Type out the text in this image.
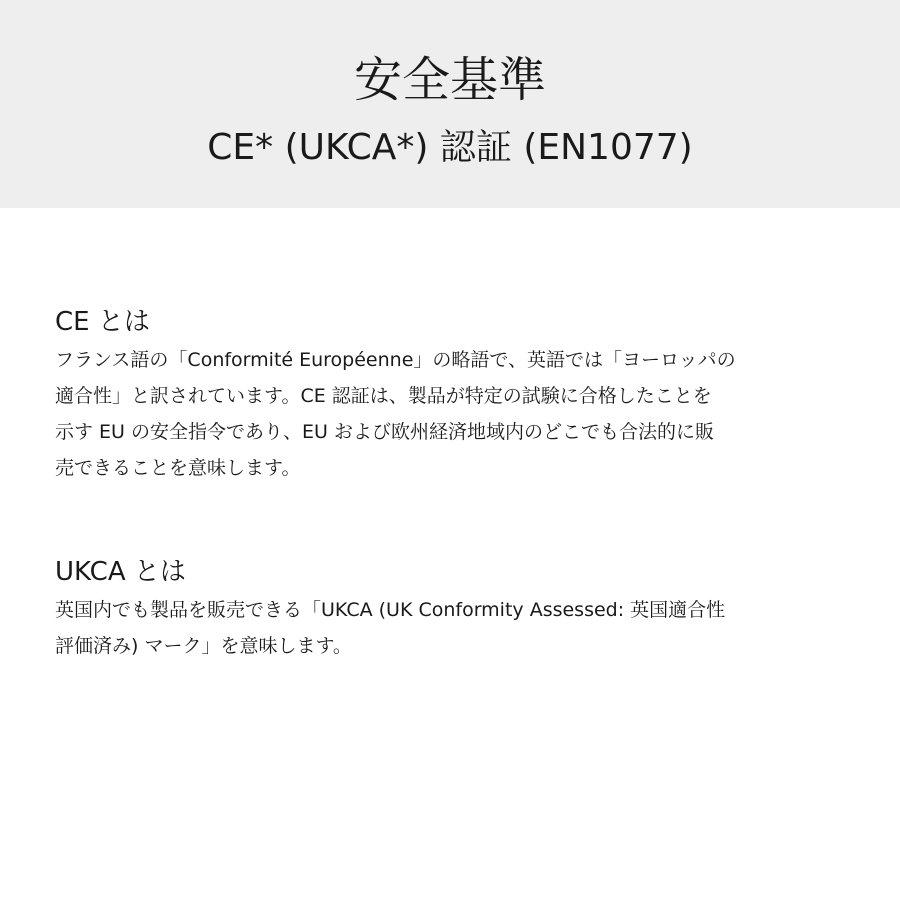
安全基準
CE* (UKCA*) 認証 (EN1077)
CE とは
フランス語の「Conformité Européenne」の略語で、英語では「ヨーロッパの
適合性」と訳されています。CE 認証は、製品が特定の試験に合格したことを
示す EU の安全指令であり、EU および欧州経済地域内のどこでも合法的に販
売できることを意味します。
UKCA とは
英国内でも製品を販売できる「UKCA (UK Conformity Assessed: 英国適合性
評価済み) マーク」を意味します。
